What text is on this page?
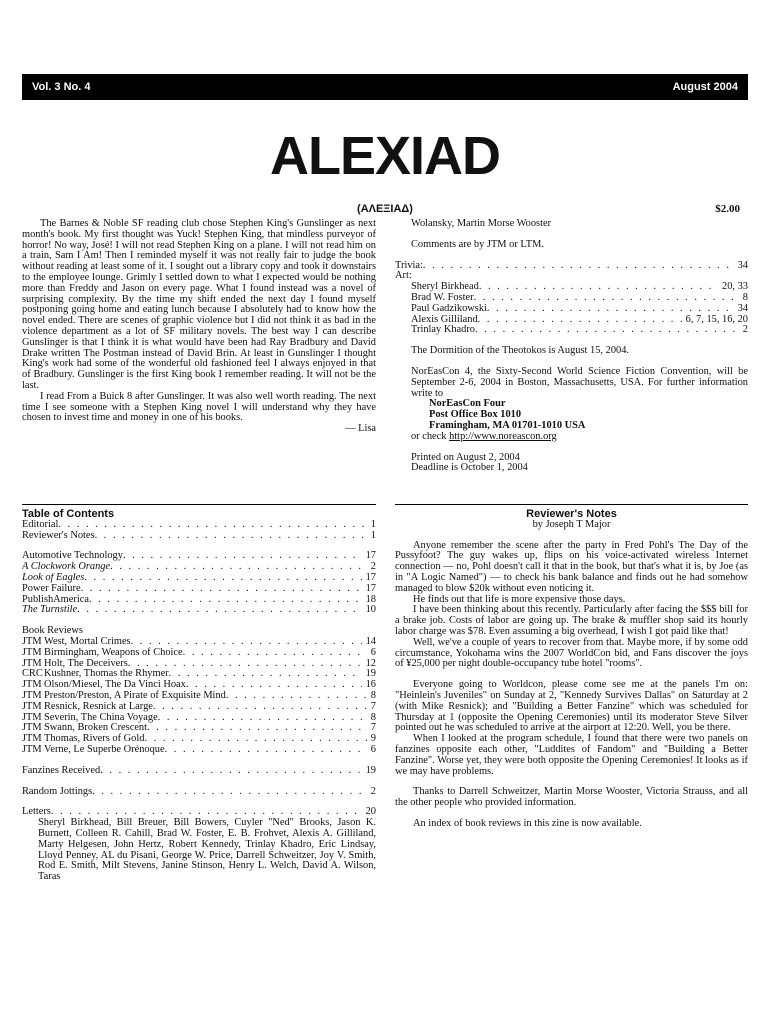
Vol. 3 No. 4	August 2004
ALEXIAD
(ΑΛΕΞΙΑΔ)	$2.00

The Barnes & Noble SF reading club chose Stephen King's Gunslinger as next month's book. My first thought was Yuck! Stephen King, that mindless purveyor of horror! No way, José! I will not read Stephen King on a plane. I will not read him on a train, Sam I Am! Then I reminded myself it was not really fair to judge the book without reading at least some of it. I sought out a library copy and took it downstairs to the employee lounge. Grimly I settled down to what I expected would be nothing more than Freddy and Jason on every page. What I found instead was a novel of surprising complexity. By the time my shift ended the next day I found myself postponing going home and eating lunch because I absolutely had to know how the novel ended. There are scenes of graphic violence but I did not think it as bad in the violence department as a lot of SF military novels. The best way I can describe Gunslinger is that I think it is what would have been had Ray Bradbury and David Drake written The Postman instead of David Brin. At least in Gunslinger I thought King's work had some of the wonderful old fashioned feel I always enjoyed in that of Bradbury. Gunslinger is the first King book I remember reading. It will not be the last.

I read From a Buick 8 after Gunslinger. It was also well worth reading. The next time I see someone with a Stephen King novel I will understand why they have chosen to invest time and money in one of his books.

— Lisa
Table of Contents
Editorial . . .	1
Reviewer's Notes . . .	1
Automotive Technology . . .	17
A Clockwork Orange . . .	2
Look of Eagles . . .	17
Power Failure . . .	17
PublishAmerica . . .	18
The Turnstile . . .	10
Book Reviews
JTM West, Mortal Crimes . . .	14
JTM Birmingham, Weapons of Choice . . .	6
JTM Holt, The Deceivers . . .	12
CRC Kushner, Thomas the Rhymer . . .	19
JTM Olson/Miesel, The Da Vinci Hoax . . .	16
JTM Preston/Preston, A Pirate of Exquisite Mind . . .	8
JTM Resnick, Resnick at Large . . .	7
JTM Severin, The China Voyage . . .	8
JTM Swann, Broken Crescent . . .	7
JTM Thomas, Rivers of Gold . . .	9
JTM Verne, Le Superbe Orénoque . . .	6
Fanzines Received . . .	19
Random Jottings . . .	2
Letters . . .	20
Sheryl Birkhead, Bill Breuer, Bill Bowers, Cuyler "Ned" Brooks, Jason K. Burnett, Colleen R. Cahill, Brad W. Foster, E. B. Frohvet, Alexis A. Gilliland, Marty Helgesen, John Hertz, Robert Kennedy, Trinlay Khadro, Eric Lindsay, Lloyd Penney, AL du Pisani, George W. Price, Darrell Schweitzer, Joy V. Smith, Rod E. Smith, Milt Stevens, Janine Stinson, Henry L. Welch, David A. Wilson, Taras
Wolansky, Martin Morse Wooster
Comments are by JTM or LTM.
Trivia: . . .	34
Art:
Sheryl Birkhead . . .	20, 33
Brad W. Foster . . .	8
Paul Gadzikowski . . .	34
Alexis Gilliland . . .	6, 7, 15, 16, 20
Trinlay Khadro . . .	2
The Dormition of the Theotokos is August 15, 2004.
NorEasCon 4, the Sixty-Second World Science Fiction Convention, will be September 2-6, 2004 in Boston, Massachusetts, USA. For further information write to
NorEasCon Four
Post Office Box 1010
Framingham, MA 01701-1010 USA
or check http://www.noreascon.org
Printed on August 2, 2004
Deadline is October 1, 2004
Reviewer's Notes
by Joseph T Major

Anyone remember the scene after the party in Fred Pohl's The Day of the Pussyfoot? The guy wakes up, flips on his voice-activated wireless Internet connection — no, Pohl doesn't call it that in the book, but that's what it is, by Joe (as in "A Logic Named") — to check his bank balance and finds out he had somehow managed to blow $20k without even noticing it.

He finds out that life is more expensive those days.

I have been thinking about this recently. Particularly after facing the $$$ bill for a brake job. Costs of labor are going up. The brake & muffler shop said its hourly labor charge was $78. Even assuming a big overhead, I wish I got paid like that!

Well, we've a couple of years to recover from that. Maybe more, if by some odd circumstance, Yokohama wins the 2007 WorldCon bid, and Fans discover the joys of ¥25,000 per night double-occupancy tube hotel "rooms".

Everyone going to Worldcon, please come see me at the panels I'm on: "Heinlein's Juveniles" on Sunday at 2, "Kennedy Survives Dallas" on Saturday at 2 (with Mike Resnick); and "Building a Better Fanzine" which was scheduled for Thursday at 1 (opposite the Opening Ceremonies) until its moderator Steve Silver pointed out he was scheduled to arrive at the airport at 12:20. Well, you be there.

When I looked at the program schedule, I found that there were two panels on fanzines opposite each other, "Luddites of Fandom" and "Building a Better Fanzine". Worse yet, they were both opposite the Opening Ceremonies! It looks as if we may have problems.

Thanks to Darrell Schweitzer, Martin Morse Wooster, Victoria Strauss, and all the other people who provided information.

An index of book reviews in this zine is now available.
